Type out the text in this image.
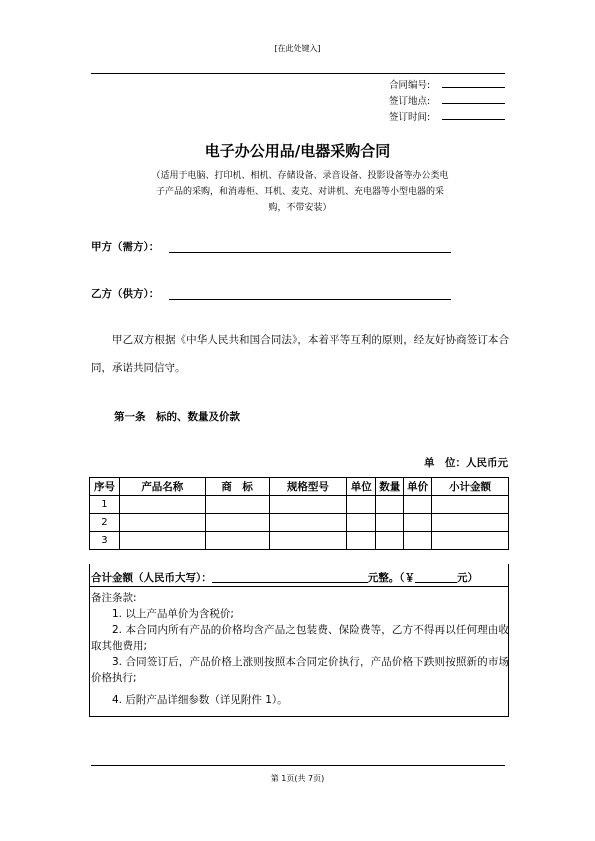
[在此处键入]
合同编号:
签订地点:
签订时间:
电子办公用品/电器采购合同
（适用于电脑、打印机、相机、存储设备、录音设备、投影设备等办公类电子产品的采购，和消毒柜、耳机、麦克、对讲机、充电器等小型电器的采购，不带安装）
甲方（需方）：
乙方（供方）：
甲乙双方根据《中华人民共和国合同法》，本着平等互利的原则，经友好协商签订本合同，承诺共同信守。
第一条　标的、数量及价款
单　位：人民币元
序号	产品名称	商　标	规格型号	单位	数量	单价	小计金额
1							
2							
3							
合计金额（人民币大写）：	元整。（￥	元）
备注条款:
1. 以上产品单价为含税价;
2. 本合同内所有产品的价格均含产品之包装费、保险费等，乙方不得再以任何理由收取其他费用;
3. 合同签订后，产品价格上涨则按照本合同定价执行，产品价格下跌则按照新的市场价格执行;
4. 后附产品详细参数（详见附件 1）。
第 1页(共 7页)
